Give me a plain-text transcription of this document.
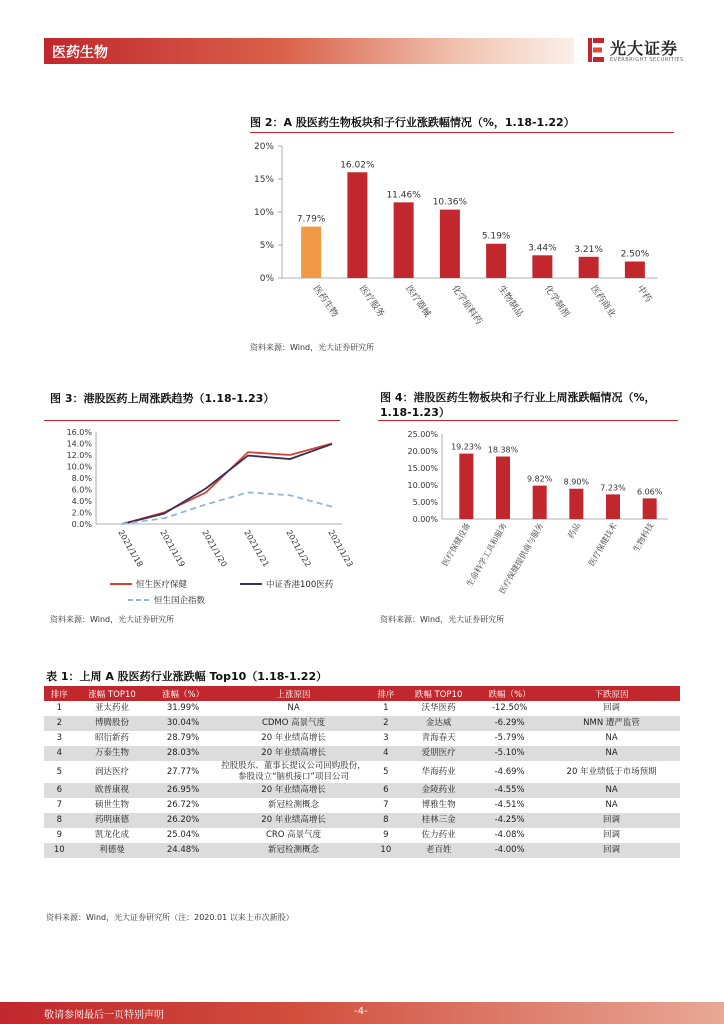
医药生物	光大证券
EVERBRIGHT SECURITIES
图 2：A 股医药生物板块和子行业涨跌幅情况（%，1.18-1.22）
0%
5%
10%
15%
20%
7.79%
医药生物
16.02%
医疗服务
11.46%
医疗器械
10.36%
化学原料药
5.19%
生物制品
3.44%
化学制剂
3.21%
医药商业
2.50%
中药
资料来源：Wind，光大证券研究所
图 3：港股医药上周涨跌趋势（1.18-1.23）
0.0%
2.0%
4.0%
6.0%
8.0%
10.0%
12.0%
14.0%
16.0%
2021/1/18 2021/1/19 2021/1/20 2021/1/21 2021/1/22 2021/1/23
恒生医疗保健	中证香港100医药
恒生国企指数
资料来源：Wind，光大证券研究所
图 4：港股医药生物板块和子行业上周涨跌幅情况（%，1.18-1.23）
0.00%
5.00%
10.00%
15.00%
20.00%
25.00%
19.23%
医疗保健设备
18.38%
生命科学工具和服务
9.82%
医疗保健提供商与服务
8.90%
药品
7.23%
医疗保健技术
6.06%
生物科技
资料来源：Wind，光大证券研究所
表 1：上周 A 股医药行业涨跌幅 Top10（1.18-1.22）
排序	涨幅 TOP10	涨幅（%）	上涨原因	排序	跌幅 TOP10	跌幅（%）	下跌原因
1	亚太药业	31.99%	NA	1	沃华医药	-12.50%	回调
2	博腾股份	30.04%	CDMO 高景气度	2	金达威	-6.29%	NMN 遭严监管
3	昭衍新药	28.79%	20 年业绩高增长	3	青海春天	-5.79%	NA
4	万泰生物	28.03%	20 年业绩高增长	4	爱朋医疗	-5.10%	NA
5	润达医疗	27.77%	控股股东、董事长提议公司回购股份，参股设立“脑机接口”项目公司	5	华海药业	-4.69%	20 年业绩低于市场预期
6	欧普康视	26.95%	20 年业绩高增长	6	金陵药业	-4.55%	NA
7	硕世生物	26.72%	新冠检测概念	7	博雅生物	-4.51%	NA
8	药明康德	26.20%	20 年业绩高增长	8	桂林三金	-4.25%	回调
9	凯龙化成	25.04%	CRO 高景气度	9	佐力药业	-4.08%	回调
10	利德曼	24.48%	新冠检测概念	10	老百姓	-4.00%	回调
资料来源：Wind，光大证券研究所（注：2020.01 以来上市次新股）
敬请参阅最后一页特别声明	-4-
